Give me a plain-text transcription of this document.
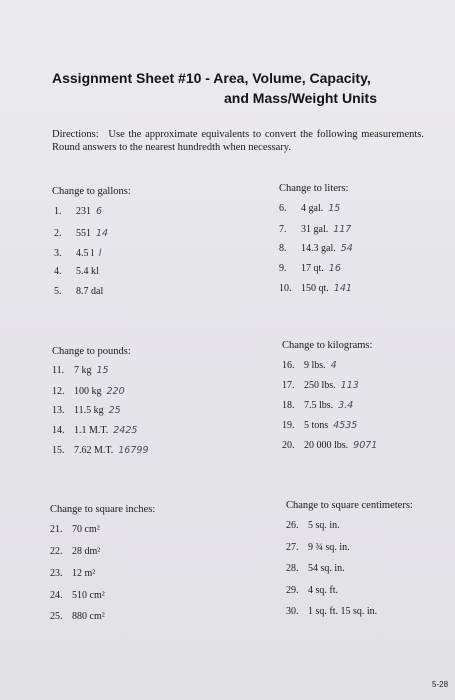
Assignment Sheet #10 - Area, Volume, Capacity,
and Mass/Weight Units
Directions: Use the approximate equivalents to convert the following measurements. Round answers to the nearest hundredth when necessary.
Change to gallons:
1. 231 6
2. 551 14
3. 4.5 l l
4. 5.4 kl
5. 8.7 dal
Change to liters:
6. 4 gal. 15
7. 31 gal. 117
8. 14.3 gal. 54
9. 17 qt. 16
10. 150 qt. 141
Change to pounds:
11. 7 kg 15
12. 100 kg 220
13. 11.5 kg 25
14. 1.1 M.T. 2425
15. 7.62 M.T. 16799
Change to kilograms:
16. 9 lbs. 4
17. 250 lbs. 113
18. 7.5 lbs. 3.4
19. 5 tons 4535
20. 20 000 lbs. 9071
Change to square inches:
21. 70 cm²
22. 28 dm²
23. 12 m²
24. 510 cm²
25. 880 cm²
Change to square centimeters:
26. 5 sq. in.
27. 9 ¾ sq. in.
28. 54 sq. in.
29. 4 sq. ft.
30. 1 sq. ft. 15 sq. in.
5-28
